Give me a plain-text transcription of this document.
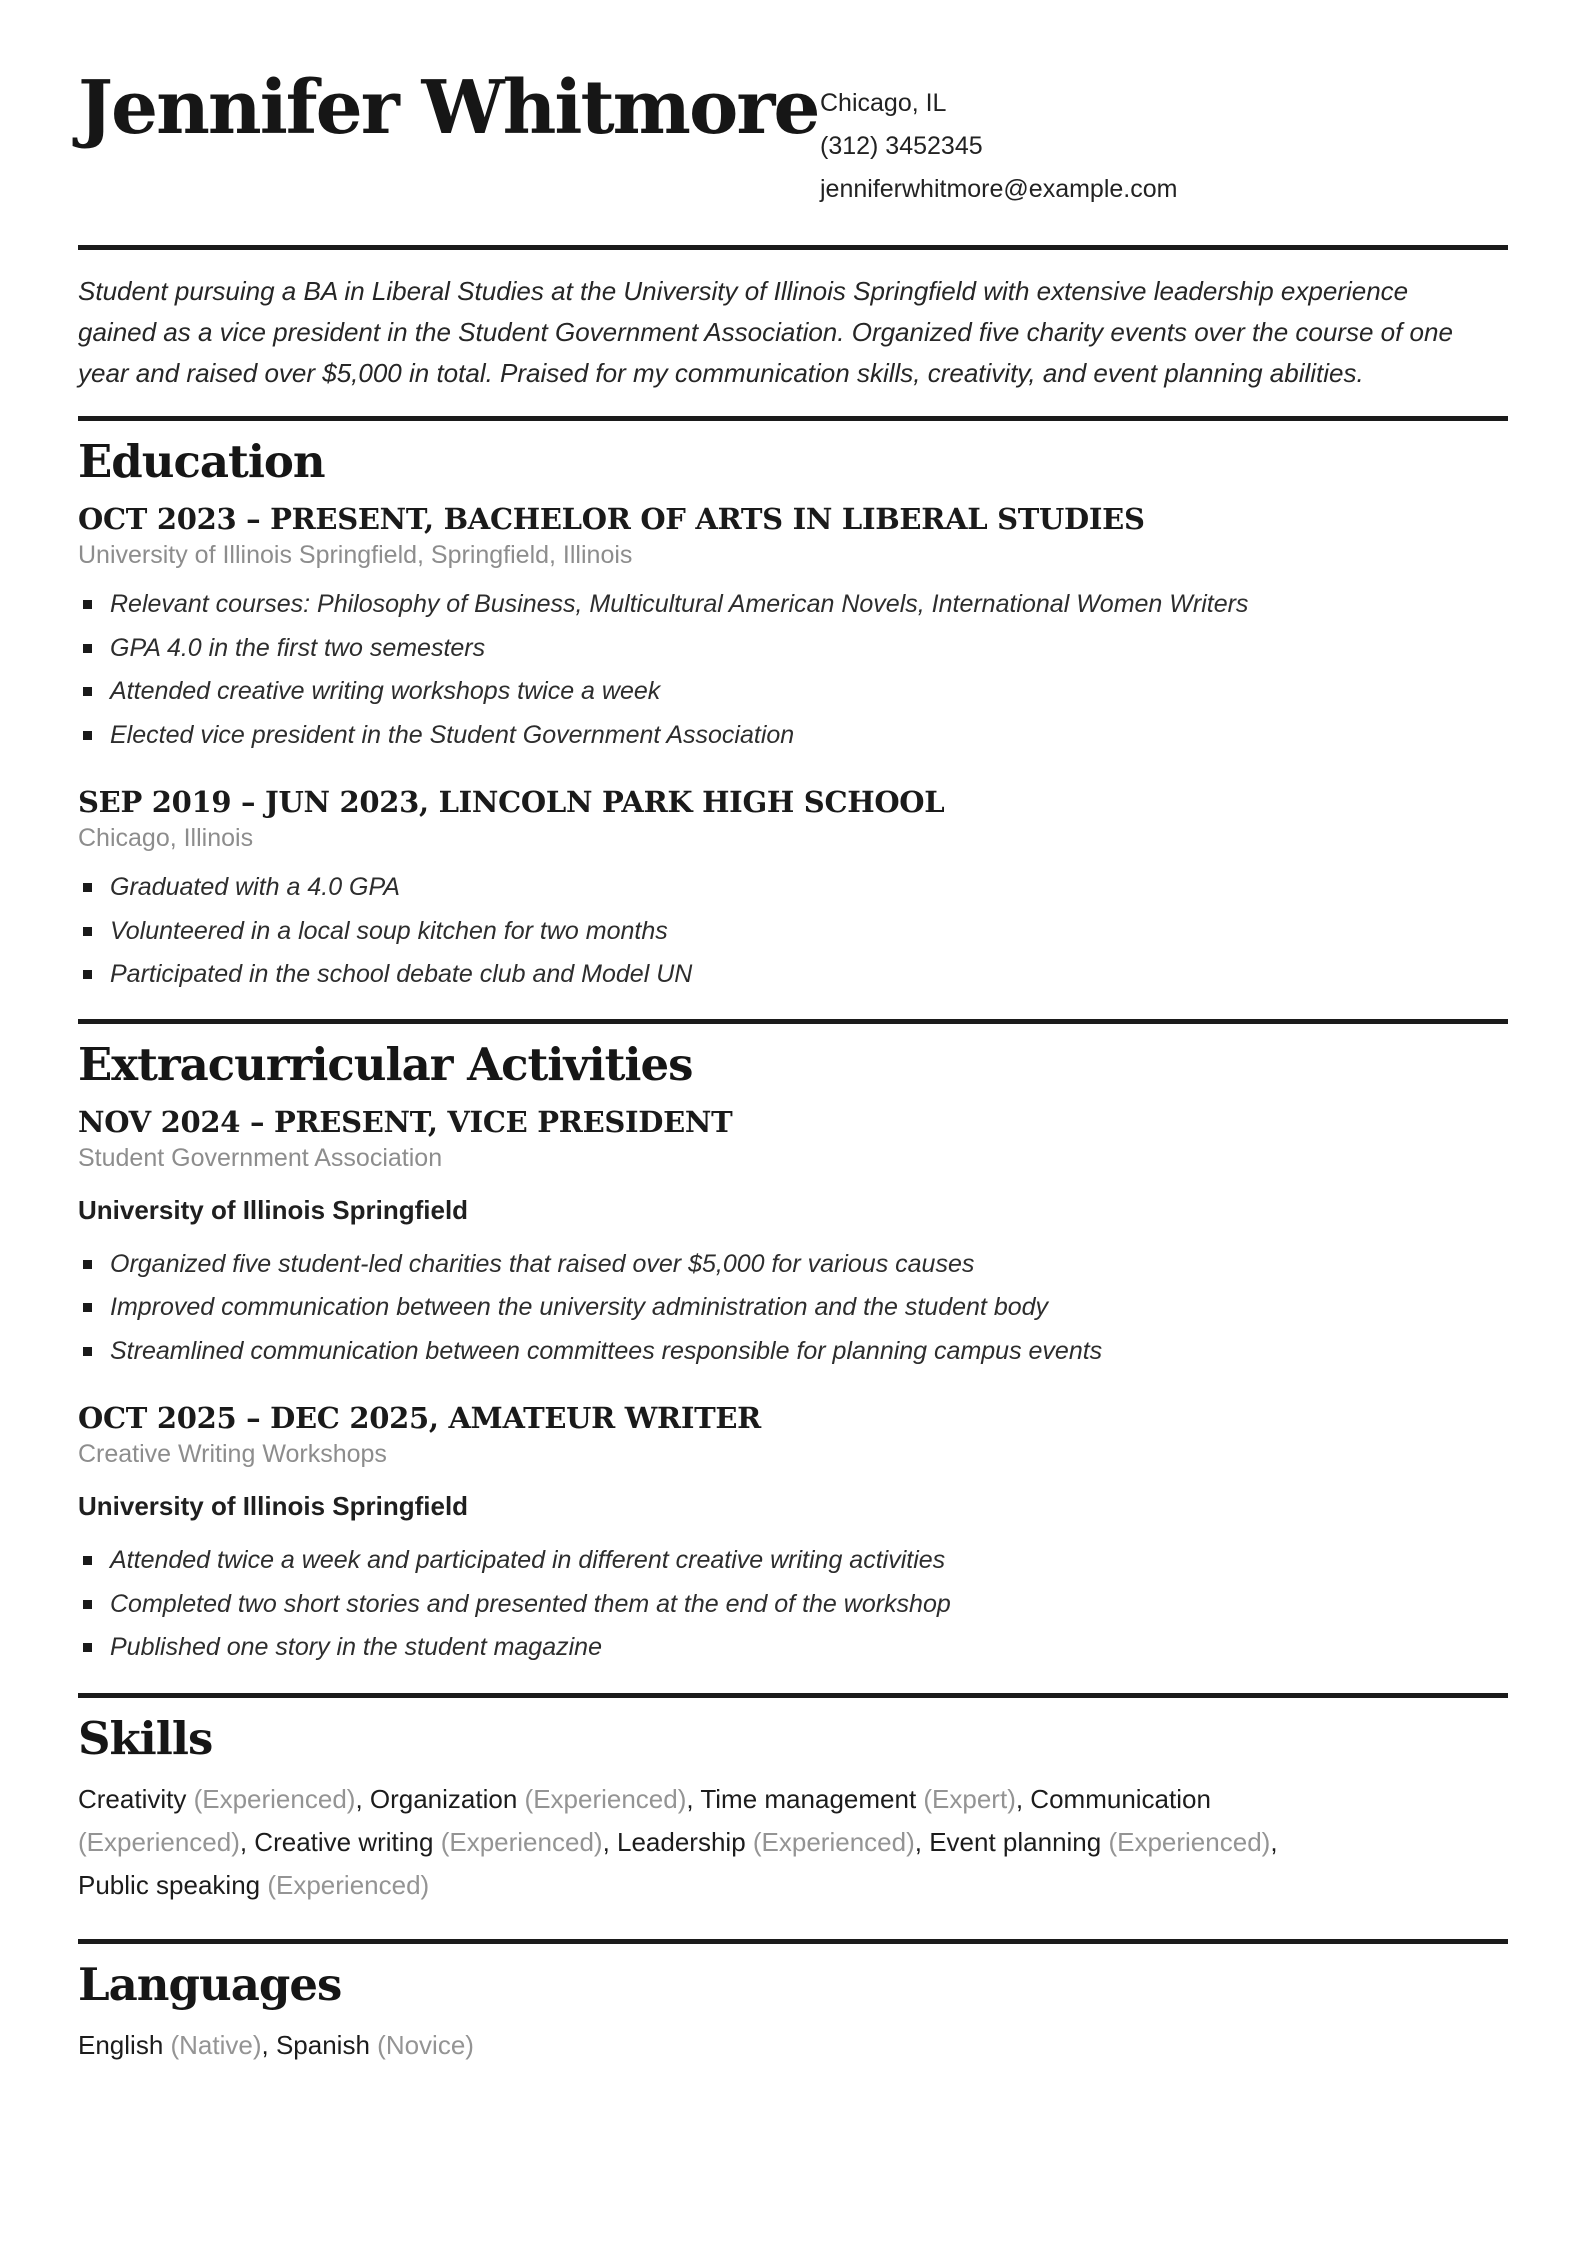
Jennifer Whitmore Chicago, IL
(312) 3452345
jenniferwhitmore@example.com

Student pursuing a BA in Liberal Studies at the University of Illinois Springfield with extensive leadership experience gained as a vice president in the Student Government Association. Organized five charity events over the course of one year and raised over $5,000 in total. Praised for my communication skills, creativity, and event planning abilities.

Education
OCT 2023 – PRESENT, BACHELOR OF ARTS IN LIBERAL STUDIES
University of Illinois Springfield, Springfield, Illinois
Relevant courses: Philosophy of Business, Multicultural American Novels, International Women Writers
GPA 4.0 in the first two semesters
Attended creative writing workshops twice a week
Elected vice president in the Student Government Association
SEP 2019 – JUN 2023, LINCOLN PARK HIGH SCHOOL
Chicago, Illinois
Graduated with a 4.0 GPA
Volunteered in a local soup kitchen for two months
Participated in the school debate club and Model UN
Extracurricular Activities
NOV 2024 – PRESENT, VICE PRESIDENT
Student Government Association
University of Illinois Springfield
Organized five student-led charities that raised over $5,000 for various causes
Improved communication between the university administration and the student body
Streamlined communication between committees responsible for planning campus events
OCT 2025 – DEC 2025, AMATEUR WRITER
Creative Writing Workshops
University of Illinois Springfield
Attended twice a week and participated in different creative writing activities
Completed two short stories and presented them at the end of the workshop
Published one story in the student magazine
Skills

Creativity (Experienced), Organization (Experienced), Time management (Expert), Communication (Experienced), Creative writing (Experienced), Leadership (Experienced), Event planning (Experienced), Public speaking (Experienced)

Languages

English (Native), Spanish (Novice)
